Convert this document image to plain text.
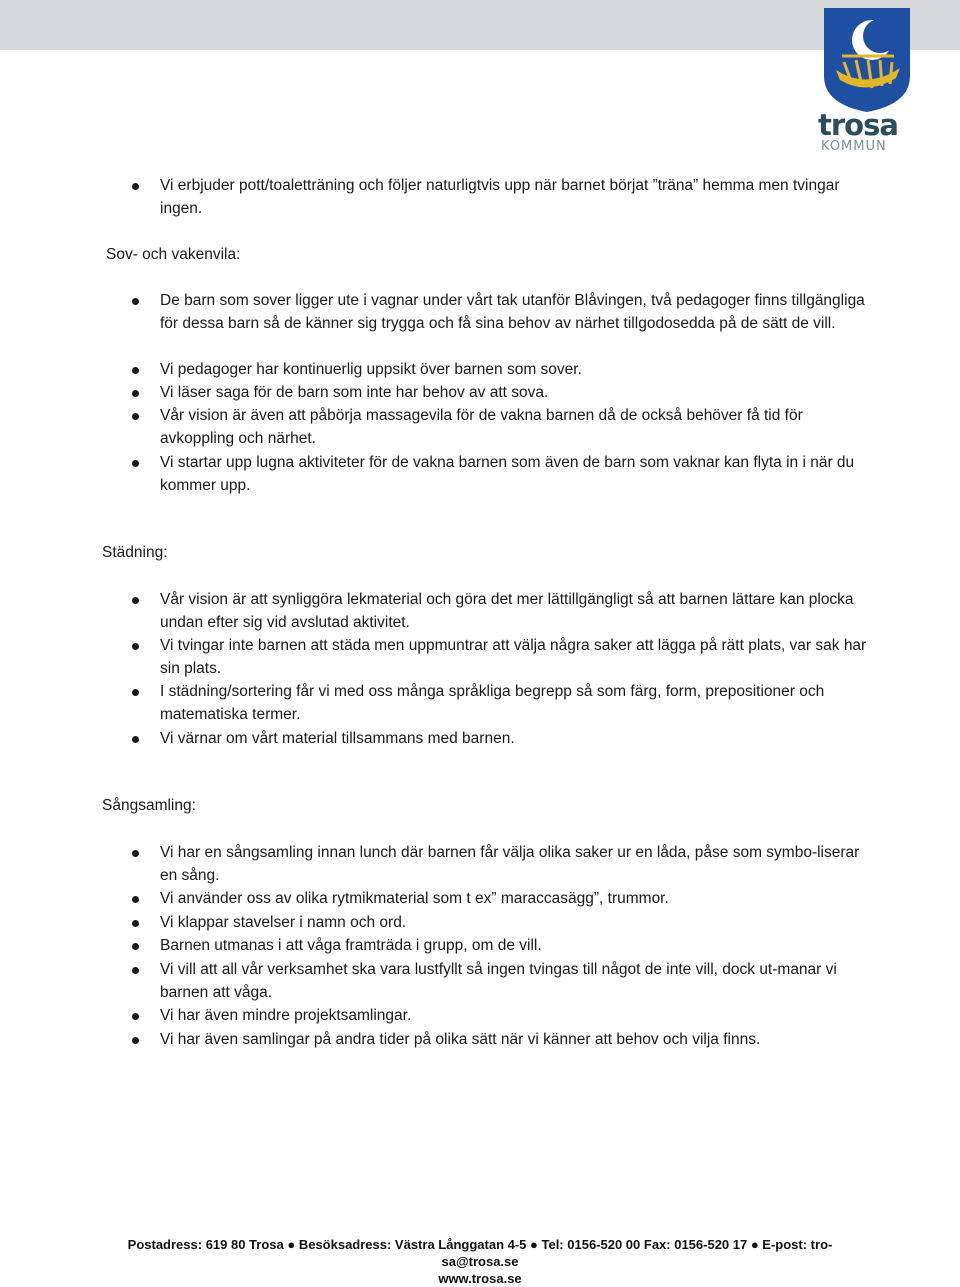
trosa
KOMMUN
Vi erbjuder pott/toaletträning och följer naturligtvis upp när barnet börjat ”träna” hemma men tvingar ingen.
Sov- och vakenvila:
De barn som sover ligger ute i vagnar under vårt tak utanför Blåvingen, två pedagoger finns tillgängliga för dessa barn så de känner sig trygga och få sina behov av närhet tillgodosedda på de sätt de vill.
Vi pedagoger har kontinuerlig uppsikt över barnen som sover.
Vi läser saga för de barn som inte har behov av att sova.
Vår vision är även att påbörja massagevila för de vakna barnen då de också behöver få tid för avkoppling och närhet.
Vi startar upp lugna aktiviteter för de vakna barnen som även de barn som vaknar kan flyta in i när du kommer upp.
Städning:
Vår vision är att synliggöra lekmaterial och göra det mer lättillgängligt så att barnen lättare kan plocka undan efter sig vid avslutad aktivitet.
Vi tvingar inte barnen att städa men uppmuntrar att välja några saker att lägga på rätt plats, var sak har sin plats.
I städning/sortering får vi med oss många språkliga begrepp så som färg, form, prepositioner och matematiska termer.
Vi värnar om vårt material tillsammans med barnen.
Sångsamling:
Vi har en sångsamling innan lunch där barnen får välja olika saker ur en låda, påse som symbo-liserar en sång.
Vi använder oss av olika rytmikmaterial som t ex” maraccasägg”, trummor.
Vi klappar stavelser i namn och ord.
Barnen utmanas i att våga framträda i grupp, om de vill.
Vi vill att all vår verksamhet ska vara lustfyllt så ingen tvingas till något de inte vill, dock ut-manar vi barnen att våga.
Vi har även mindre projektsamlingar.
Vi har även samlingar på andra tider på olika sätt när vi känner att behov och vilja finns.
Postadress: 619 80 Trosa ● Besöksadress: Västra Långgatan 4-5 ● Tel: 0156-520 00 Fax: 0156-520 17 ● E-post: tro-
sa@trosa.se
www.trosa.se
